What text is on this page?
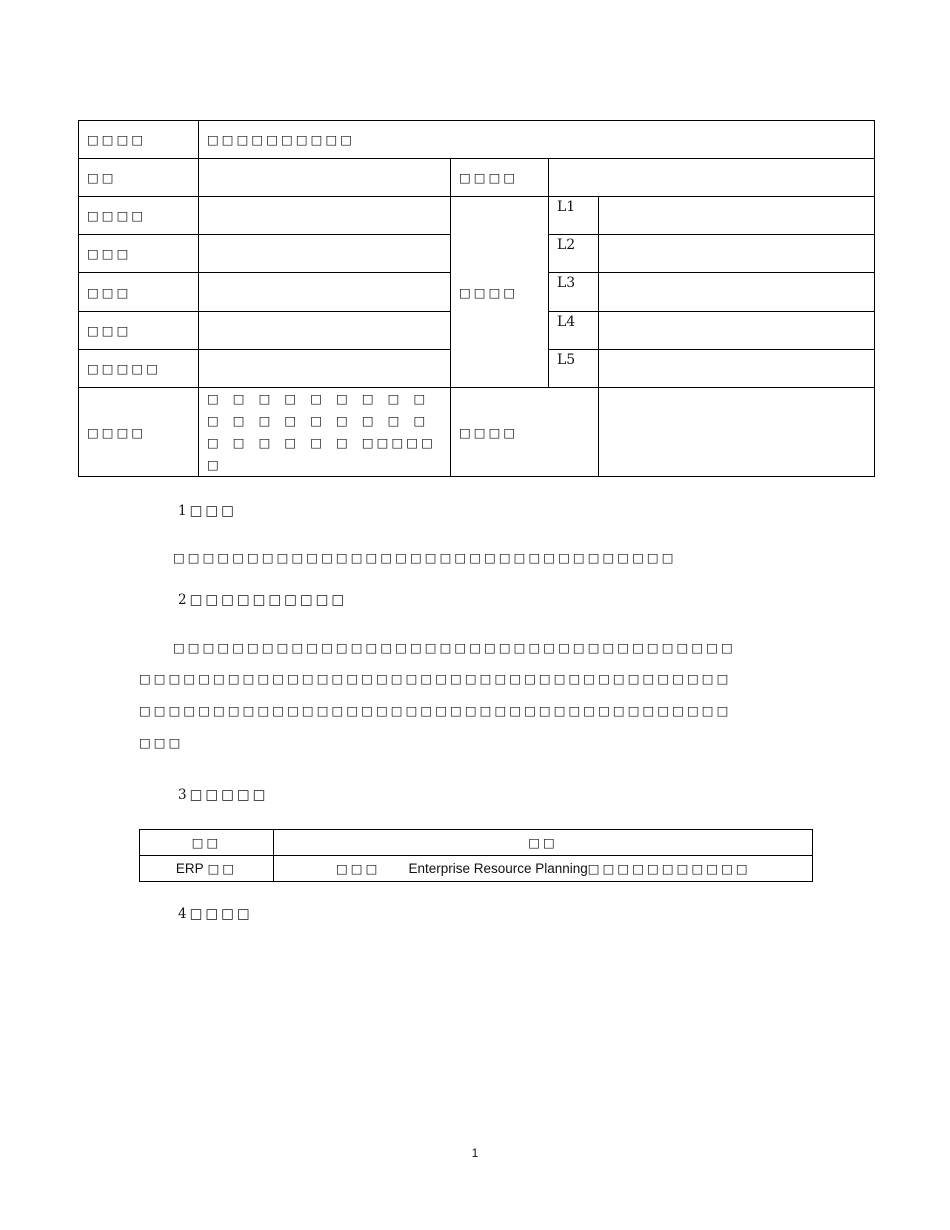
□□□□	□□□□□□□□□□			
□□		□□□□		
□□□□		□□□□	L1	
□□□			L2	
□□□			L3	
□□□			L4	
□□□□□			L5	
□□□□	□□□□□□□□□□□□□□□□□□□□□□□□□□□□□□	□□□□		
1□□□
□□□□□□□□□□□□□□□□□□□□□□□□□□□□□□□□□□
2□□□□□□□□□□
□□□□□□□□□□□□□□□□□□□□□□□□□□□□□□□□□□□□□□
□□□□□□□□□□□□□□□□□□□□□□□□□□□□□□□□□□□□□□□□
□□□□□□□□□□□□□□□□□□□□□□□□□□□□□□□□□□□□□□□□
□□□
3□□□□□
□□	□□
ERP □□	□□□ Enterprise Resource Planning□□□□□□□□□□□
4□□□□
1
